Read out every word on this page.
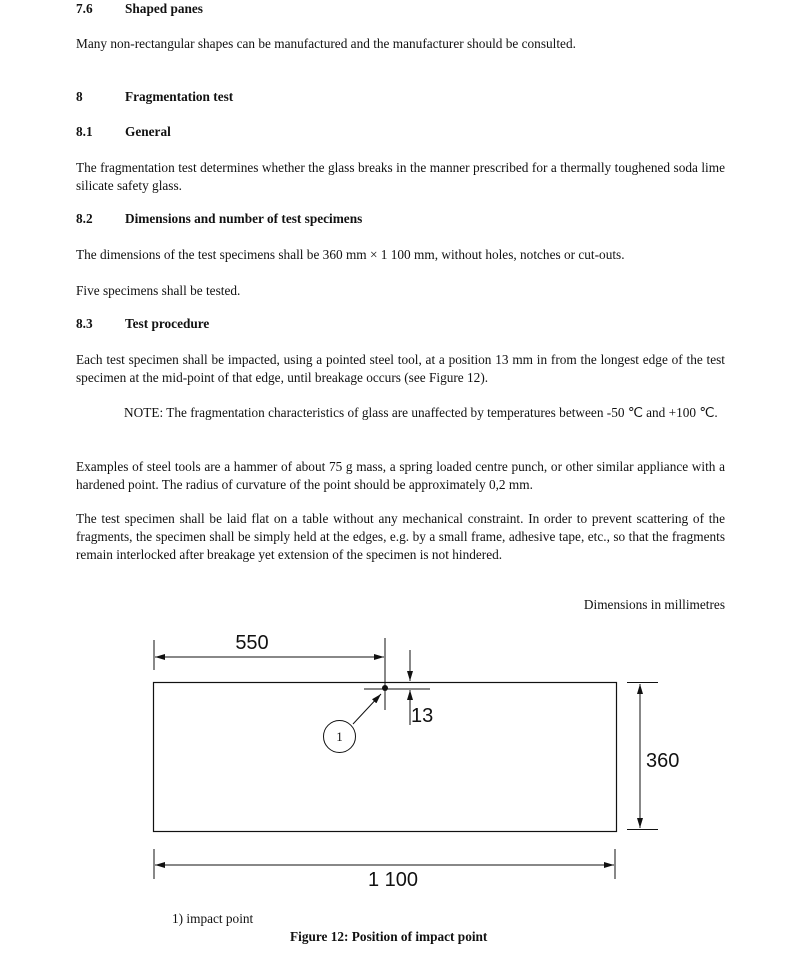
7.6 Shaped panes
Many non-rectangular shapes can be manufactured and the manufacturer should be consulted.
8	Fragmentation test
8.1 General
The fragmentation test determines whether the glass breaks in the manner prescribed for a thermally toughened soda lime silicate safety glass.
8.2 Dimensions and number of test specimens
The dimensions of the test specimens shall be 360 mm × 1 100 mm, without holes, notches or cut-outs.
Five specimens shall be tested.
8.3 Test procedure
Each test specimen shall be impacted, using a pointed steel tool, at a position 13 mm in from the longest edge of the test specimen at the mid-point of that edge, until breakage occurs (see Figure 12).
NOTE: The fragmentation characteristics of glass are unaffected by temperatures between -50 ℃ and +100 ℃.
Examples of steel tools are a hammer of about 75 g mass, a spring loaded centre punch, or other similar appliance with a hardened point. The radius of curvature of the point should be approximately 0,2 mm.
The test specimen shall be laid flat on a table without any mechanical constraint. In order to prevent scattering of the fragments, the specimen shall be simply held at the edges, e.g. by a small frame, adhesive tape, etc., so that the fragments remain interlocked after breakage yet extension of the specimen is not hindered.
Dimensions in millimetres
550
13
1
360
1 100
1) impact point
Figure 12: Position of impact point
